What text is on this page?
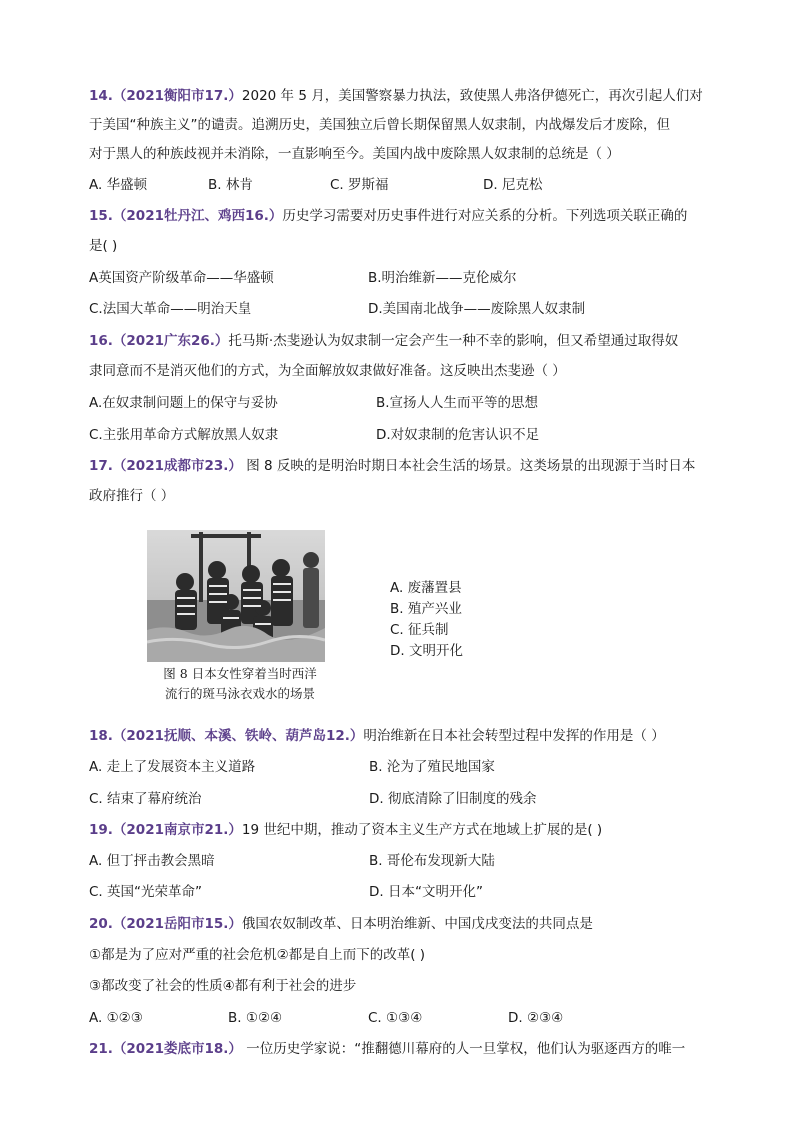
14.（2021衡阳市17.）2020 年 5 月，美国警察暴力执法，致使黑人弗洛伊德死亡，再次引起人们对
于美国“种族主义”的谴责。追溯历史，美国独立后曾长期保留黑人奴隶制，内战爆发后才废除，但
对于黑人的种族歧视并未消除，一直影响至今。美国内战中废除黑人奴隶制的总统是（ ）
A. 华盛顿	B. 林肯	C. 罗斯福	D. 尼克松
15.（2021牡丹江、鸡西16.）历史学习需要对历史事件进行对应关系的分析。下列选项关联正确的
是( )
A英国资产阶级革命——华盛顿	B.明治维新——克伦威尔
C.法国大革命——明治天皇	D.美国南北战争——废除黑人奴隶制
16.（2021广东26.）托马斯·杰斐逊认为奴隶制一定会产生一种不幸的影响，但又希望通过取得奴
隶同意而不是消灭他们的方式，为全面解放奴隶做好准备。这反映出杰斐逊（ ）
A.在奴隶制问题上的保守与妥协	B.宣扬人人生而平等的思想
C.主张用革命方式解放黑人奴隶	D.对奴隶制的危害认识不足
17.（2021成都市23.） 图 8 反映的是明治时期日本社会生活的场景。这类场景的出现源于当时日本
政府推行（ ）
图 8 日本女性穿着当时西洋
流行的斑马泳衣戏水的场景
A. 废藩置县
B. 殖产兴业
C. 征兵制
D. 文明开化
18.（2021抚顺、本溪、铁岭、葫芦岛12.）明治维新在日本社会转型过程中发挥的作用是（ ）
A. 走上了发展资本主义道路	B. 沦为了殖民地国家
C. 结束了幕府统治	D. 彻底清除了旧制度的残余
19.（2021南京市21.）19 世纪中期，推动了资本主义生产方式在地域上扩展的是( )
A. 但丁抨击教会黑暗	B. 哥伦布发现新大陆
C. 英国“光荣革命”	D. 日本“文明开化”
20.（2021岳阳市15.）俄国农奴制改革、日本明治维新、中国戊戌变法的共同点是
①都是为了应对严重的社会危机②都是自上而下的改革( )
③都改变了社会的性质④都有利于社会的进步
A. ①②③	B. ①②④	C. ①③④	D. ②③④
21.（2021娄底市18.） 一位历史学家说：“推翻德川幕府的人一旦掌权，他们认为驱逐西方的唯一
